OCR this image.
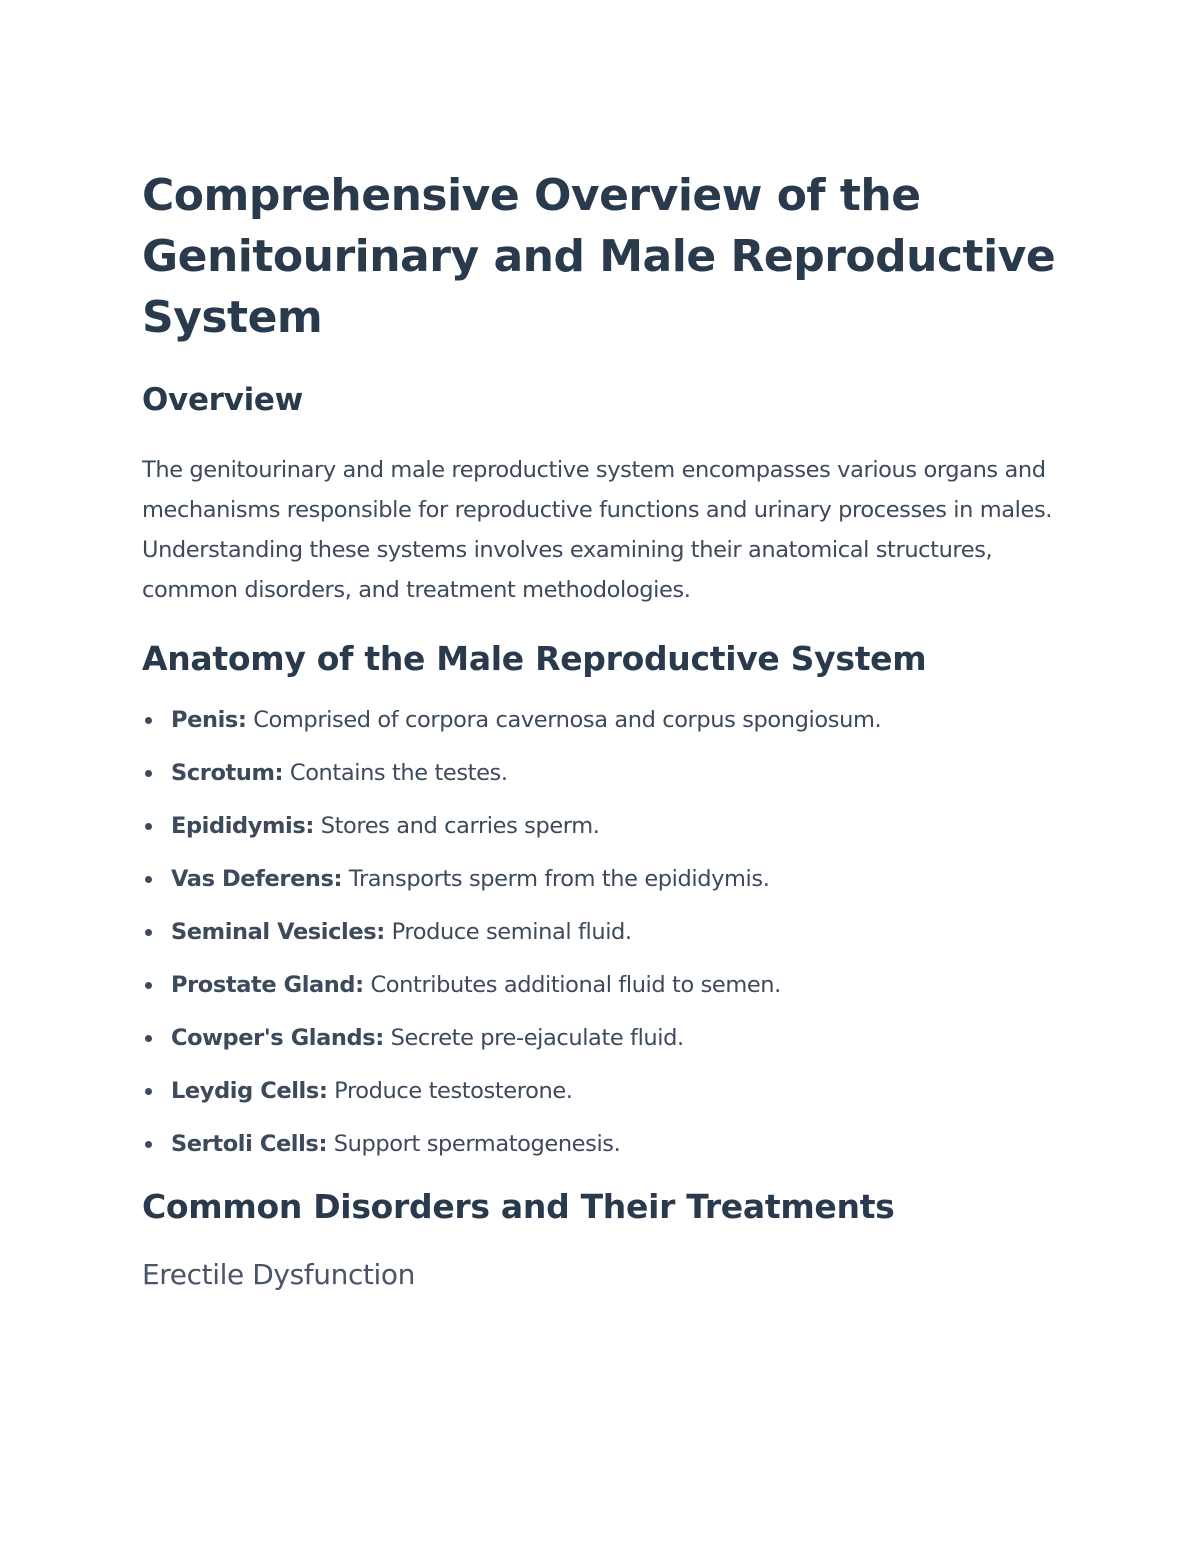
Comprehensive Overview of the
Genitourinary and Male Reproductive
System
Overview

The genitourinary and male reproductive system encompasses various organs and mechanisms responsible for reproductive functions and urinary processes in males. Understanding these systems involves examining their anatomical structures, common disorders, and treatment methodologies.

Anatomy of the Male Reproductive System
Penis: Comprised of corpora cavernosa and corpus spongiosum.
Scrotum: Contains the testes.
Epididymis: Stores and carries sperm.
Vas Deferens: Transports sperm from the epididymis.
Seminal Vesicles: Produce seminal fluid.
Prostate Gland: Contributes additional fluid to semen.
Cowper's Glands: Secrete pre-ejaculate fluid.
Leydig Cells: Produce testosterone.
Sertoli Cells: Support spermatogenesis.
Common Disorders and Their Treatments
Erectile Dysfunction
